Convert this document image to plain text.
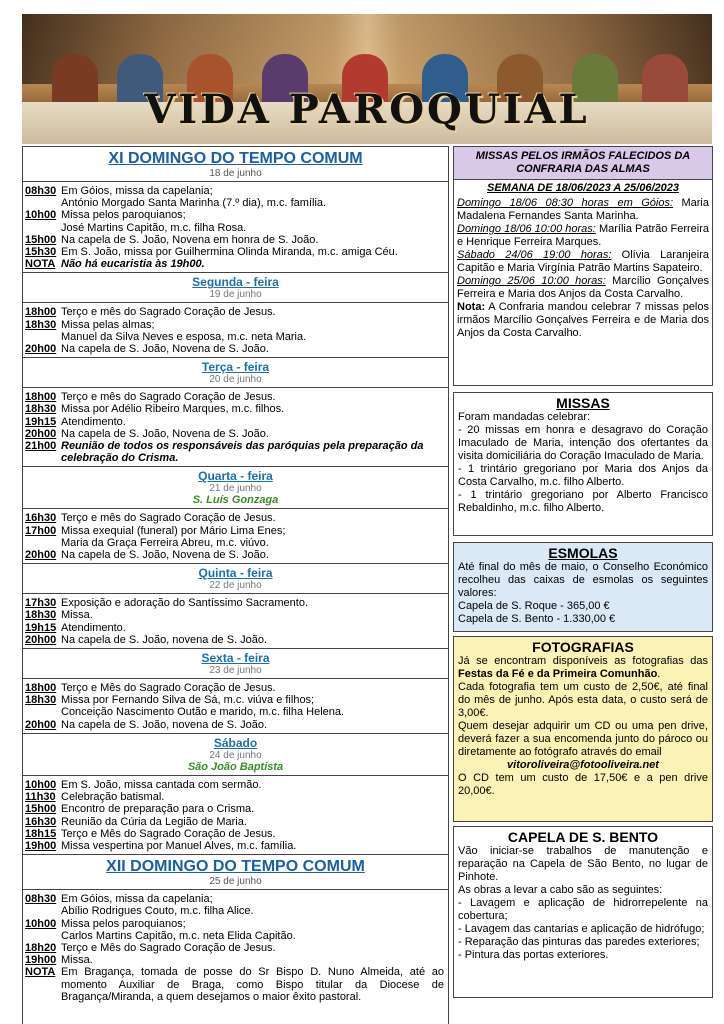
VIDA PAROQUIAL
XI DOMINGO DO TEMPO COMUM
18 de junho
08h30 Em Góios, missa da capelania;
António Morgado Santa Marinha (7.º dia), m.c. família.
10h00 Missa pelos paroquianos;
José Martins Capitão, m.c. filha Rosa.
15h00 Na capela de S. João, Novena em honra de S. João.
15h30 Em S. João, missa por Guilhermina Olinda Miranda, m.c. amiga Céu.
NOTA Não há eucaristia às 19h00.
Segunda - feira
19 de junho
18h00 Terço e mês do Sagrado Coração de Jesus.
18h30 Missa pelas almas;
Manuel da Silva Neves e esposa, m.c. neta Maria.
20h00 Na capela de S. João, Novena de S. João.
Terça - feira
20 de junho
18h00 Terço e mês do Sagrado Coração de Jesus.
18h30 Missa por Adélio Ribeiro Marques, m.c. filhos.
19h15 Atendimento.
20h00 Na capela de S. João, Novena de S. João.
21h00 Reunião de todos os responsáveis das paróquias pela preparação da celebração do Crisma.
Quarta - feira
21 de junho
S. Luís Gonzaga
16h30 Terço e mês do Sagrado Coração de Jesus.
17h00 Missa exequial (funeral) por Mário Lima Enes;
Maria da Graça Ferreira Abreu, m.c. viúvo.
20h00 Na capela de S. João, Novena de S. João.
Quinta - feira
22 de junho
17h30 Exposição e adoração do Santíssimo Sacramento.
18h30 Missa.
19h15 Atendimento.
20h00 Na capela de S. João, novena de S. João.
Sexta - feira
23 de junho
18h00 Terço e Mês do Sagrado Coração de Jesus.
18h30 Missa por Fernando Silva de Sá, m.c. viúva e filhos;
Conceição Nascimento Outão e marido, m.c. filha Helena.
20h00 Na capela de S. João, novena de S. João.
Sábado
24 de junho
São João Baptista
10h00 Em S. João, missa cantada com sermão.
11h30 Celebração batismal.
15h00 Encontro de preparação para o Crisma.
16h30 Reunião da Cúria da Legião de Maria.
18h15 Terço e Mês do Sagrado Coração de Jesus.
19h00 Missa vespertina por Manuel Alves, m.c. família.
XII DOMINGO DO TEMPO COMUM
25 de junho
08h30 Em Góios, missa da capelania;
Abílio Rodrigues Couto, m.c. filha Alice.
10h00 Missa pelos paroquianos;
Carlos Martins Capitão, m.c. neta Elida Capitão.
18h20 Terço e Mês do Sagrado Coração de Jesus.
19h00 Missa.
NOTA Em Bragança, tomada de posse do Sr Bispo D. Nuno Almeida, até ao momento Auxiliar de Braga, como Bispo titular da Diocese de Bragança/Miranda, a quem desejamos o maior êxito pastoral.
MISSAS PELOS IRMÃOS FALECIDOS DA CONFRARIA DAS ALMAS
SEMANA DE 18/06/2023 A 25/06/2023
Domingo 18/06 08:30 horas em Góios: Maria Madalena Fernandes Santa Marinha.
Domingo 18/06 10:00 horas: Marília Patrão Ferreira e Henrique Ferreira Marques.
Sábado 24/06 19:00 horas: Olívia Laranjeira Capitão e Maria Virgínia Patrão Martins Sapateiro.
Domingo 25/06 10:00 horas: Marcílio Gonçalves Ferreira e Maria dos Anjos da Costa Carvalho.
Nota: A Confraria mandou celebrar 7 missas pelos irmãos Marcílio Gonçalves Ferreira e de Maria dos Anjos da Costa Carvalho.
MISSAS
Foram mandadas celebrar:
- 20 missas em honra e desagravo do Coração Imaculado de Maria, intenção dos ofertantes da visita domiciliária do Coração Imaculado de Maria.
- 1 trintário gregoriano por Maria dos Anjos da Costa Carvalho, m.c. filho Alberto.
- 1 trintário gregoriano por Alberto Francisco Rebaldinho, m.c. filho Alberto.
ESMOLAS
Até final do mês de maio, o Conselho Económico recolheu das caixas de esmolas os seguintes valores:
Capela de S. Roque - 365,00 €
Capela de S. Bento - 1.330,00 €
FOTOGRAFIAS
Já se encontram disponíveis as fotografias das Festas da Fé e da Primeira Comunhão.
Cada fotografia tem um custo de 2,50€, até final do mês de junho. Após esta data, o custo será de 3,00€.
Quem desejar adquirir um CD ou uma pen drive, deverá fazer a sua encomenda junto do pároco ou diretamente ao fotógrafo através do email
vitoroliveira@fotooliveira.net
O CD tem um custo de 17,50€ e a pen drive 20,00€.
CAPELA DE S. BENTO
Vão iniciar-se trabalhos de manutenção e reparação na Capela de São Bento, no lugar de Pinhote.
As obras a levar a cabo são as seguintes:
- Lavagem e aplicação de hidrorrepelente na cobertura;
- Lavagem das cantarias e aplicação de hidrófugo;
- Reparação das pinturas das paredes exteriores;
- Pintura das portas exteriores.
